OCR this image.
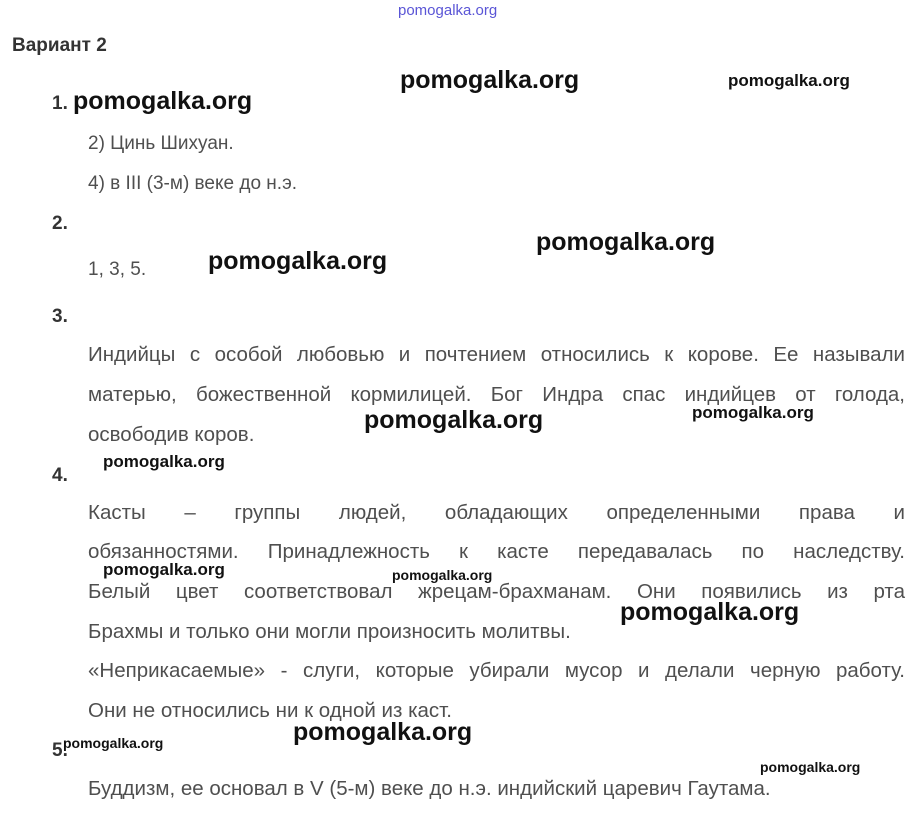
pomogalka.org
Вариант 2
pomogalka.org	pomogalka.org
1. pomogalka.org
2) Цинь Шихуан.
4) в III (3-м) веке до н.э.
2.
pomogalka.org
1, 3, 5. pomogalka.org
3.
Индийцы с особой любовью и почтением относились к корове. Ее называли
матерью, божественной кормилицей. Бог Индра спас индийцев от голода,
освободив коров.
pomogalka.org
pomogalka.org
pomogalka.org
4.
Касты – группы людей, обладающих определенными права и
обязанностями. Принадлежность к касте передавалась по наследству.
pomogalka.org	pomogalka.org
Белый цвет соответствовал жрецам-брахманам. Они появились из рта
Брахмы и только они могли произносить молитвы.
pomogalka.org
«Неприкасаемые» - слуги, которые убирали мусор и делали черную работу.
Они не относились ни к одной из каст.
pomogalka.org
5.
pomogalka.org
pomogalka.org
Буддизм, ее основал в V (5-м) веке до н.э. индийский царевич Гаутама.
